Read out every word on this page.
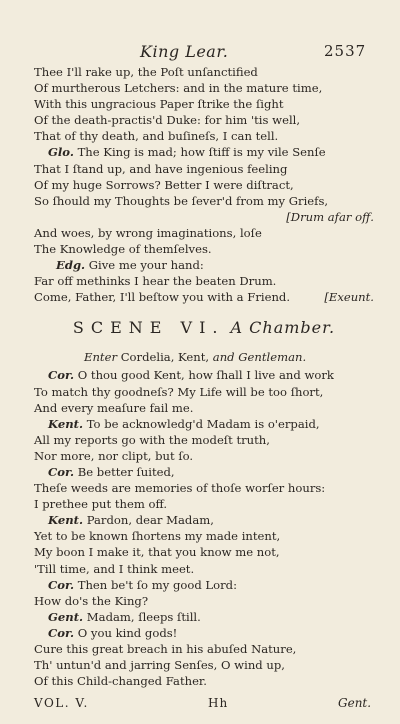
King Lear.	2537
Thee I'll rake up, the Poſt unſanctified
Of murtherous Letchers: and in the mature time,
With this ungracious Paper ſtrike the ſight
Of the death-practis'd Duke: for him 'tis well,
That of thy death, and buſineſs, I can tell.
Glo. The King is mad; how ſtiff is my vile Senſe
That I ſtand up, and have ingenious feeling
Of my huge Sorrows? Better I were diſtract,
So ſhould my Thoughts be ſever'd from my Griefs,
[Drum afar off.
And woes, by wrong imaginations, loſe
The Knowledge of themſelves.
Edg. Give me your hand:
Far off methinks I hear the beaten Drum.
Come, Father, I'll beſtow you with a Friend.	[Exeunt.
SCENE VI. A Chamber.
Enter Cordelia, Kent, and Gentleman.
Cor. O thou good Kent, how ſhall I live and work
To match thy goodneſs? My Life will be too ſhort,
And every meaſure fail me.
Kent. To be acknowledg'd Madam is o'erpaid,
All my reports go with the modeſt truth,
Nor more, nor clipt, but ſo.
Cor. Be better ſuited,
Theſe weeds are memories of thoſe worſer hours:
I prethee put them off.
Kent. Pardon, dear Madam,
Yet to be known ſhortens my made intent,
My boon I make it, that you know me not,
'Till time, and I think meet.
Cor. Then be't ſo my good Lord:
How do's the King?
Gent. Madam, ſleeps ſtill.
Cor. O you kind gods!
Cure this great breach in his abuſed Nature,
Th' untun'd and jarring Senſes, O wind up,
Of this Child-changed Father.
VOL. V.	Hh	Gent.
